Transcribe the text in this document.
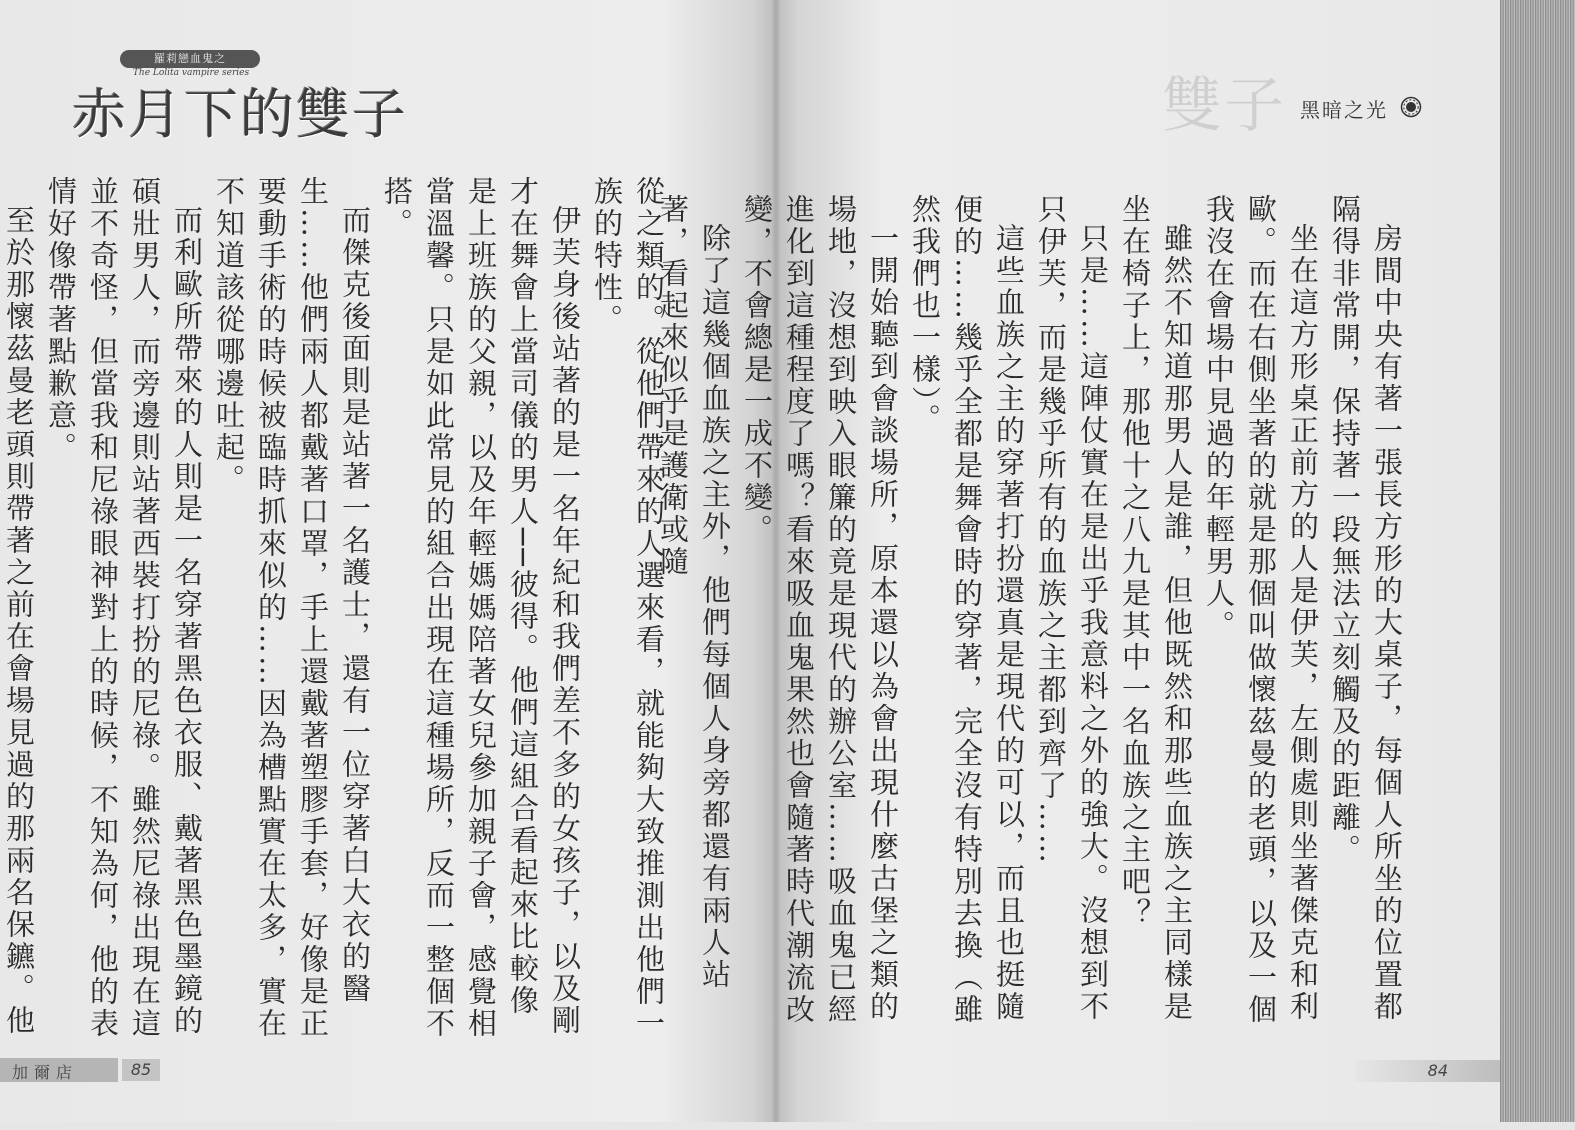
羅莉戀血鬼之
The Lolita vampire series
赤月下的雙子	雙子 黑暗之光

從之類的。從他們帶來的人選來看，就能夠大致推測出他們一族的特性。

伊芙身後站著的是一名年紀和我們差不多的女孩子，以及剛才在舞會上當司儀的男人──彼得。他們這組合看起來比較像是上班族的父親，以及年輕媽媽陪著女兒參加親子會，感覺相當溫馨。只是如此常見的組合出現在這種場所，反而一整個不搭。

而傑克後面則是站著一名護士，還有一位穿著白大衣的醫生……他們兩人都戴著口罩，手上還戴著塑膠手套，好像是正要動手術的時候被臨時抓來似的……因為槽點實在太多，實在不知道該從哪邊吐起。

而利歐所帶來的人則是一名穿著黑色衣服、戴著黑色墨鏡的碩壯男人，而旁邊則站著西裝打扮的尼祿。雖然尼祿出現在這並不奇怪，但當我和尼祿眼神對上的時候，不知為何，他的表情好像帶著點歉意。

至於那懷茲曼老頭則帶著之前在會場見過的那兩名保鑣。他	房間中央有著一張長方形的大桌子，每個人所坐的位置都隔得非常開，保持著一段無法立刻觸及的距離。

坐在這方形桌正前方的人是伊芙，左側處則坐著傑克和利歐。而在右側坐著的就是那個叫做懷茲曼的老頭，以及一個我沒在會場中見過的年輕男人。

雖然不知道那男人是誰，但他既然和那些血族之主同樣是坐在椅子上，那他十之八九是其中一名血族之主吧？

只是……這陣仗實在是出乎我意料之外的強大。沒想到不只伊芙，而是幾乎所有的血族之主都到齊了……

這些血族之主的穿著打扮還真是現代的可以，而且也挺隨便的……幾乎全都是舞會時的穿著，完全沒有特別去換（雖然我們也一樣）。

一開始聽到會談場所，原本還以為會出現什麼古堡之類的場地，沒想到映入眼簾的竟是現代的辦公室……吸血鬼已經進化到這種程度了嗎？看來吸血鬼果然也會隨著時代潮流改變，不會總是一成不變。

除了這幾個血族之主外，他們每個人身旁都還有兩人站著，看起來似乎是護衛或隨

加爾店	85	84
